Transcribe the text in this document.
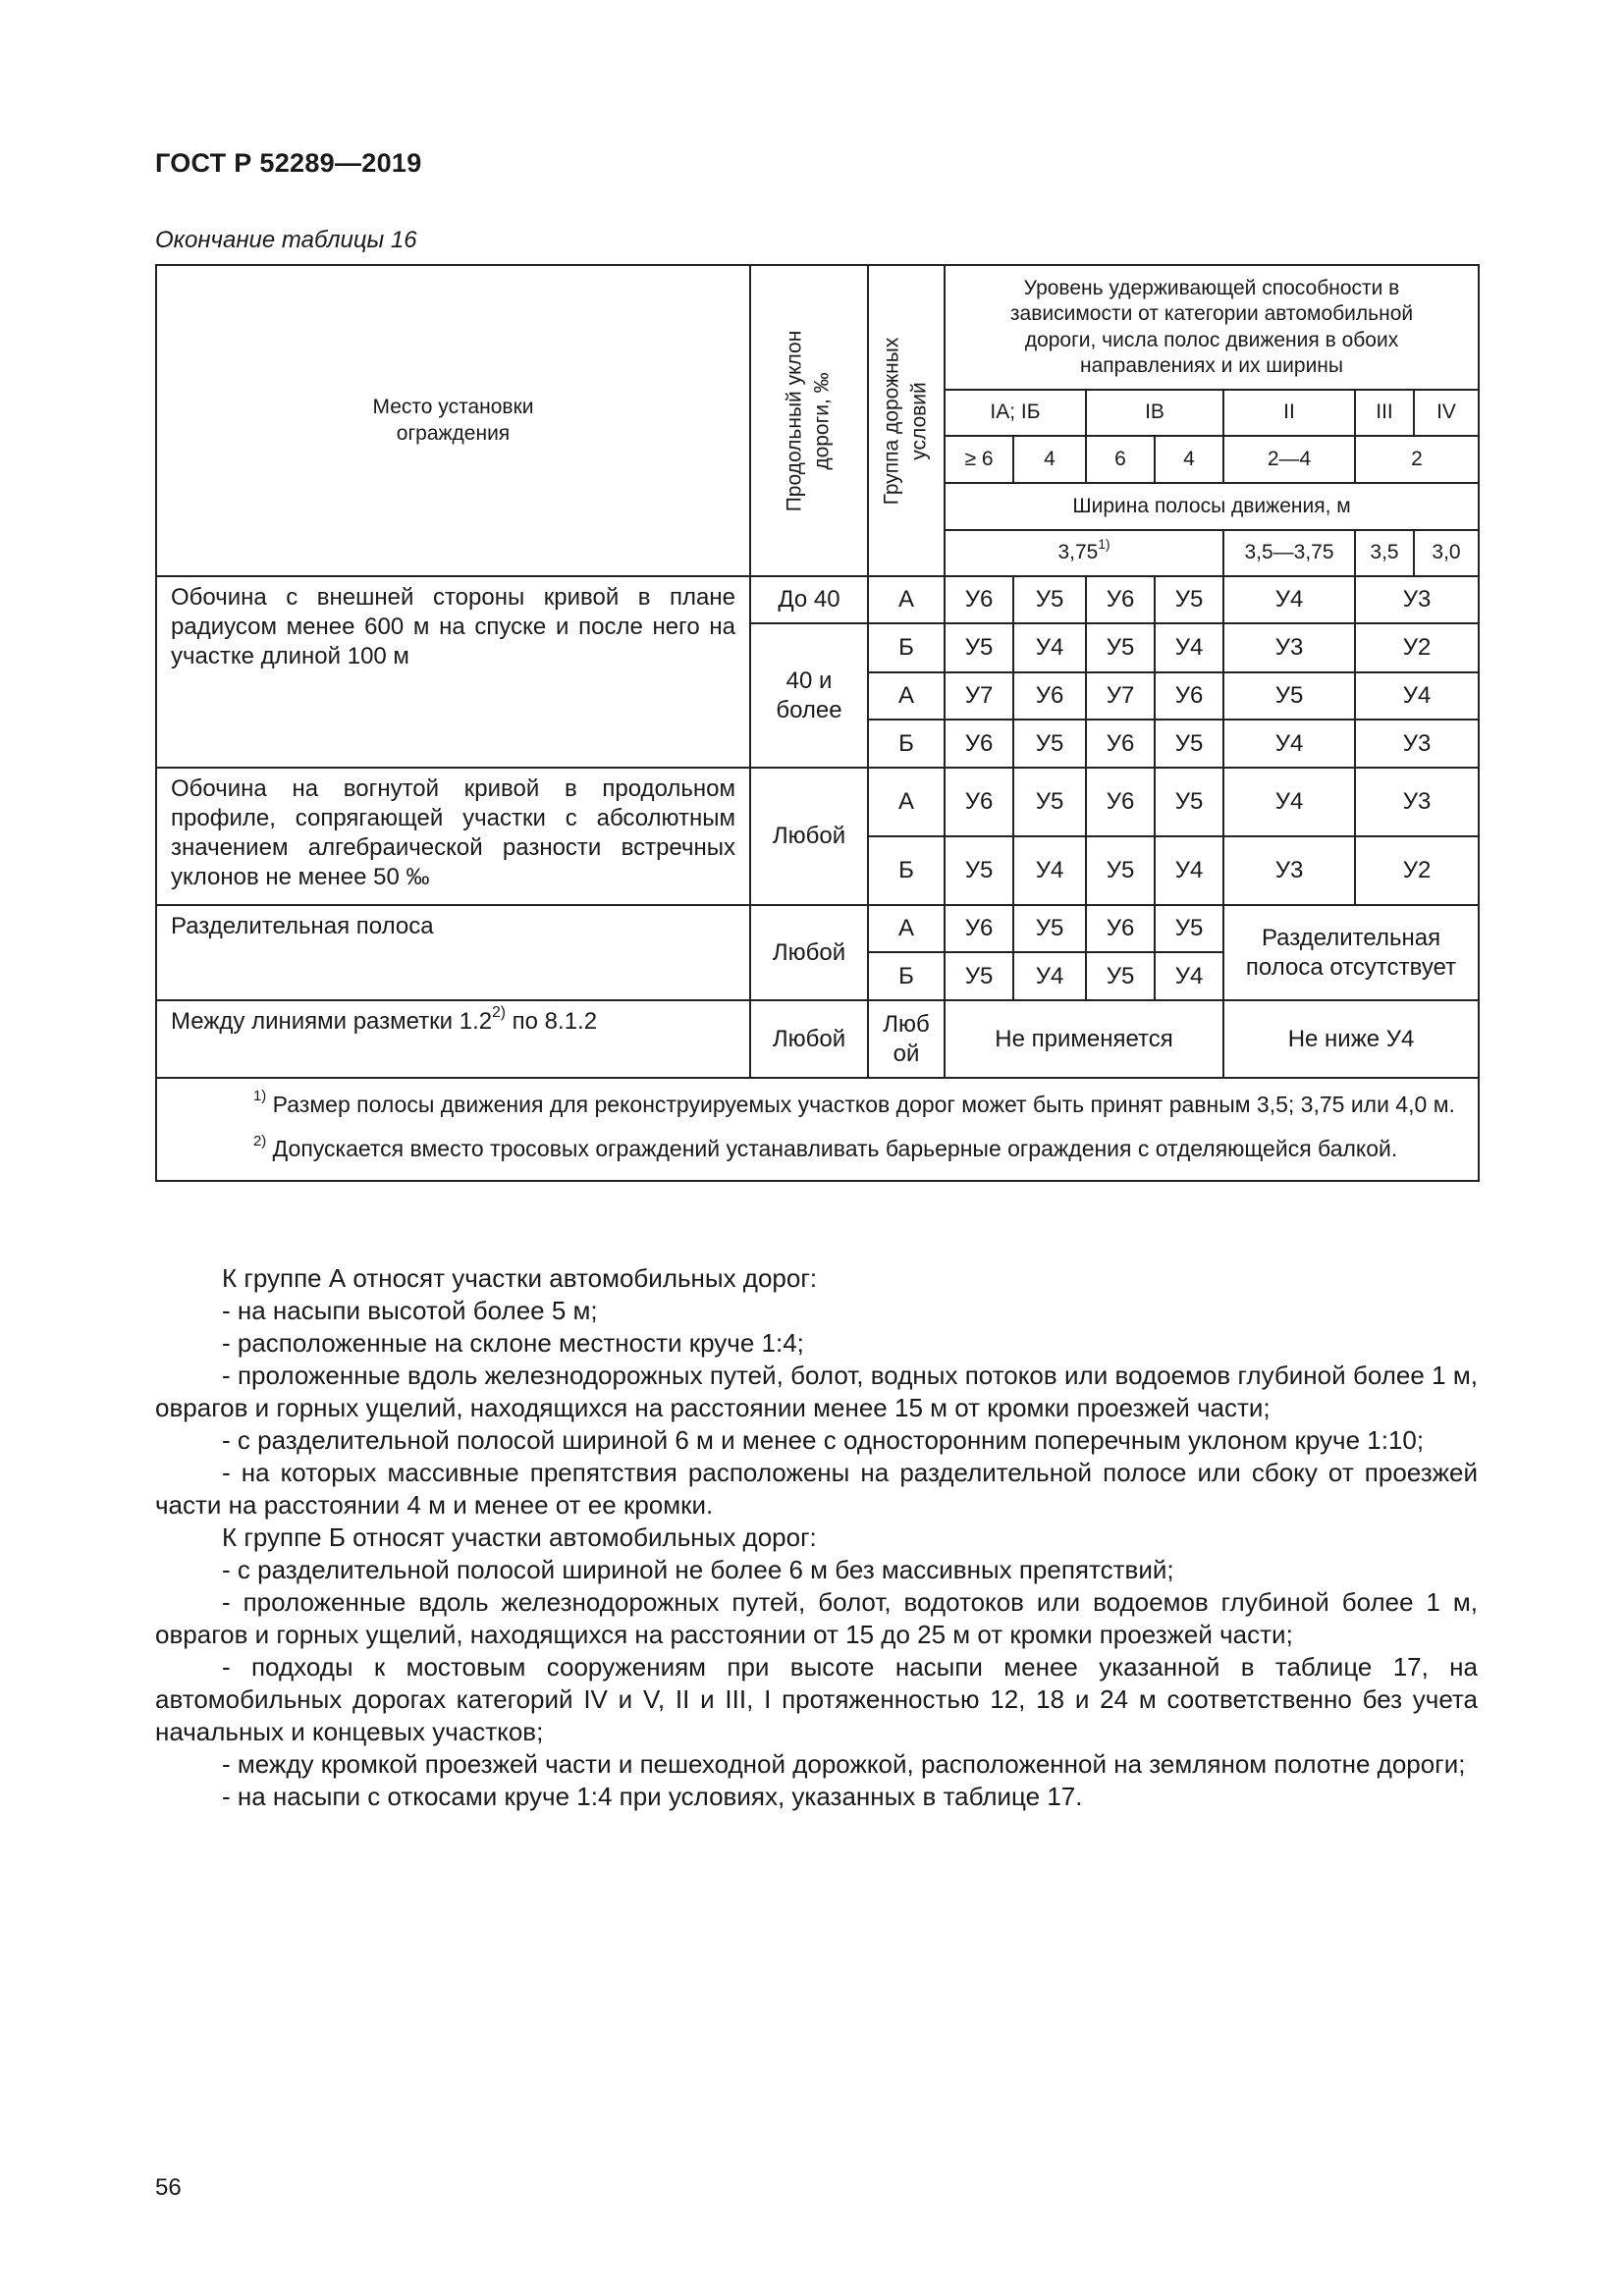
ГОСТ Р 52289—2019
Окончание таблицы 16
Место установки ограждения	Продольный уклон дороги, ‰	Группа дорожных условий	Уровень удерживающей способности в зависимости от категории автомобильной дороги, числа полос движения в обоих направлениях и их ширины						

			IA; IБ		IB		II	III	IV
			≥ 6	4	6	4	2—4	2	
			Ширина полосы движения, м						
			3,75$^{1)}$				3,5—3,75	3,5	3,0
Обочина с внешней стороны кривой в плане радиусом менее 600 м на спуске и после него на участке длиной 100 м	До 40	А	У6	У5	У6	У5	У4	У3	

	40 и более	Б	У5	У4	У5	У4	У3	У2	
		А	У7	У6	У7	У6	У5	У4	
		Б	У6	У5	У6	У5	У4	У3	
Обочина на вогнутой кривой в продольном профиле, сопрягающей участки с абсолютным значением алгебраической разности встречных уклонов не менее 50 ‰	Любой	А	У6	У5	У6	У5	У4	У3	
		Б	У5	У4	У5	У4	У3	У2	
Разделительная полоса	Любой	А	У6	У5	У6	У5	Разделительная полоса отсутствует		

		Б	У5	У4	У5	У4			
Между линиями разметки 1.2$^{2)}$ по 8.1.2	Любой	Любой	Не применяется				Не ниже У4		

$^{1)}$ Размер полосы движения для реконструируемых участков дорог может быть принят равным 3,5; 3,75 или 4,0 м.

$^{2)}$ Допускается вместо тросовых ограждений устанавливать барьерные ограждения с отделяющейся балкой.									

К группе А относят участки автомобильных дорог:

- на насыпи высотой более 5 м;

- расположенные на склоне местности круче 1:4;

- проложенные вдоль железнодорожных путей, болот, водных потоков или водоемов глубиной более 1 м, оврагов и горных ущелий, находящихся на расстоянии менее 15 м от кромки проезжей части;

- с разделительной полосой шириной 6 м и менее с односторонним поперечным уклоном круче 1:10;

- на которых массивные препятствия расположены на разделительной полосе или сбоку от проезжей части на расстоянии 4 м и менее от ее кромки.

К группе Б относят участки автомобильных дорог:

- с разделительной полосой шириной не более 6 м без массивных препятствий;

- проложенные вдоль железнодорожных путей, болот, водотоков или водоемов глубиной более 1 м, оврагов и горных ущелий, находящихся на расстоянии от 15 до 25 м от кромки проезжей части;

- подходы к мостовым сооружениям при высоте насыпи менее указанной в таблице 17, на автомобильных дорогах категорий IV и V, II и III, I протяженностью 12, 18 и 24 м соответственно без учета начальных и концевых участков;

- между кромкой проезжей части и пешеходной дорожкой, расположенной на земляном полотне дороги;

- на насыпи с откосами круче 1:4 при условиях, указанных в таблице 17.

56
